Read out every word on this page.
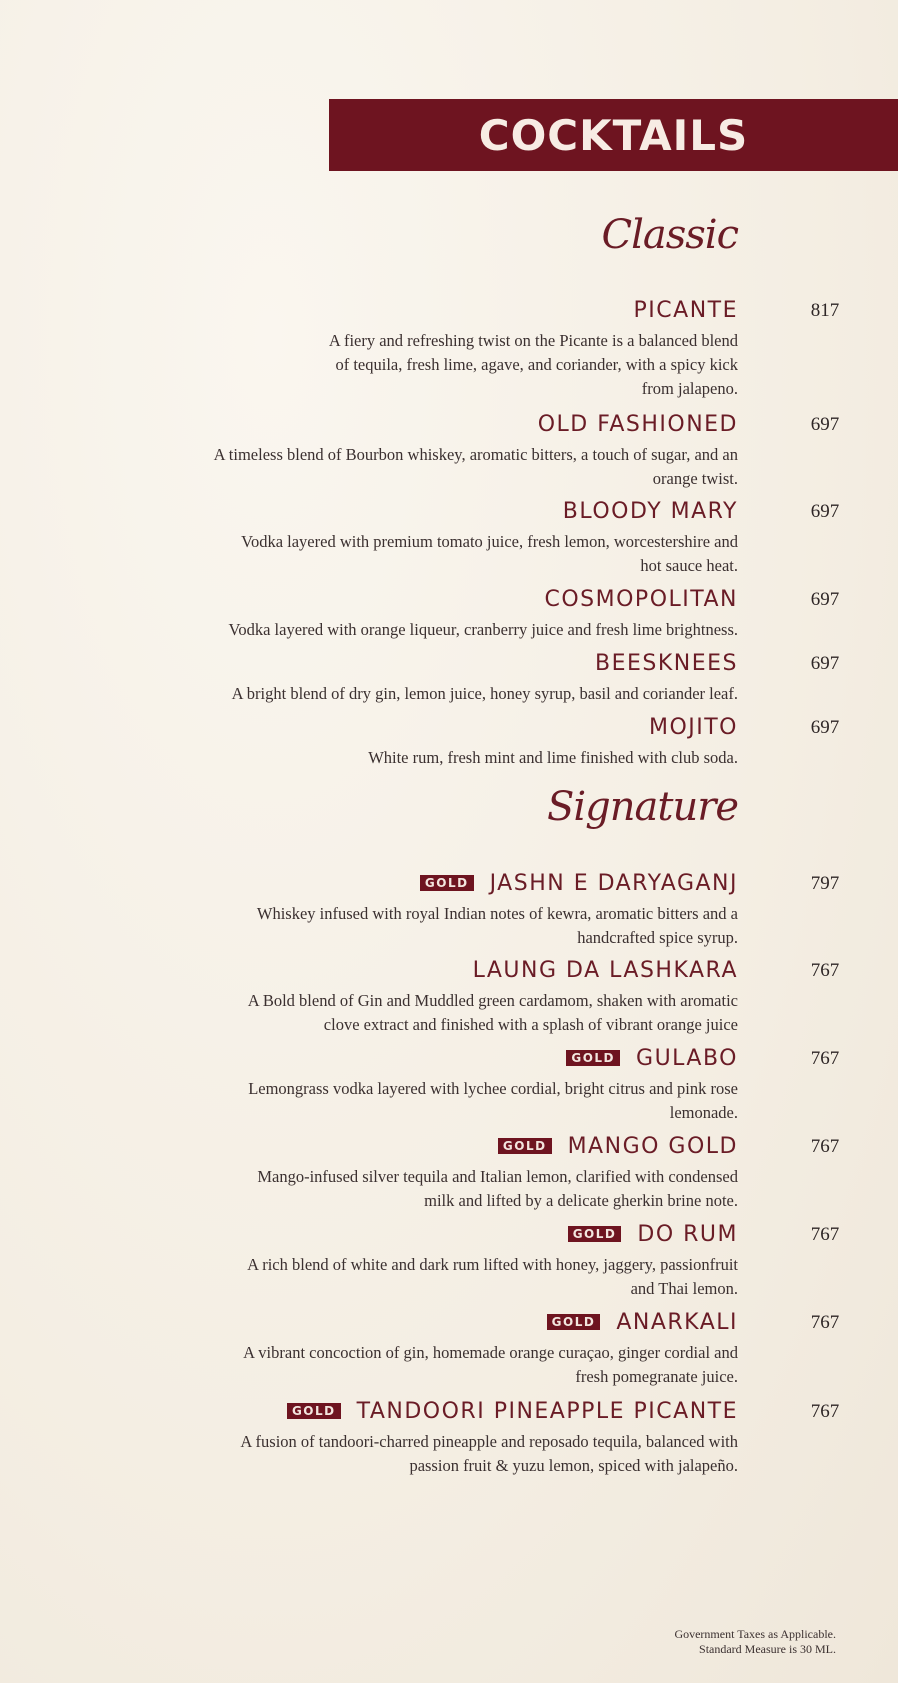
COCKTAILS
Classic
PICANTE
A fiery and refreshing twist on the Picante is a balanced blend of tequila, fresh lime, agave, and coriander, with a spicy kick from jalapeno.
817
OLD FASHIONED
A timeless blend of Bourbon whiskey, aromatic bitters, a touch of sugar, and an orange twist.
697
BLOODY MARY
Vodka layered with premium tomato juice, fresh lemon, worcestershire and hot sauce heat.
697
COSMOPOLITAN
Vodka layered with orange liqueur, cranberry juice and fresh lime brightness.
697
BEESKNEES
A bright blend of dry gin, lemon juice, honey syrup, basil and coriander leaf.
697
MOJITO
White rum, fresh mint and lime finished with club soda.
697
Signature
GOLD JASHN E DARYAGANJ
Whiskey infused with royal Indian notes of kewra, aromatic bitters and a handcrafted spice syrup.
797
LAUNG DA LASHKARA
A Bold blend of Gin and Muddled green cardamom, shaken with aromatic clove extract and finished with a splash of vibrant orange juice
767
GOLD GULABO
Lemongrass vodka layered with lychee cordial, bright citrus and pink rose lemonade.
767
GOLD MANGO GOLD
Mango-infused silver tequila and Italian lemon, clarified with condensed milk and lifted by a delicate gherkin brine note.
767
GOLD DO RUM
A rich blend of white and dark rum lifted with honey, jaggery, passionfruit and Thai lemon.
767
GOLD ANARKALI
A vibrant concoction of gin, homemade orange curaçao, ginger cordial and fresh pomegranate juice.
767
GOLD TANDOORI PINEAPPLE PICANTE
A fusion of tandoori-charred pineapple and reposado tequila, balanced with passion fruit & yuzu lemon, spiced with jalapeño.
767
Government Taxes as Applicable.
Standard Measure is 30 ML.
